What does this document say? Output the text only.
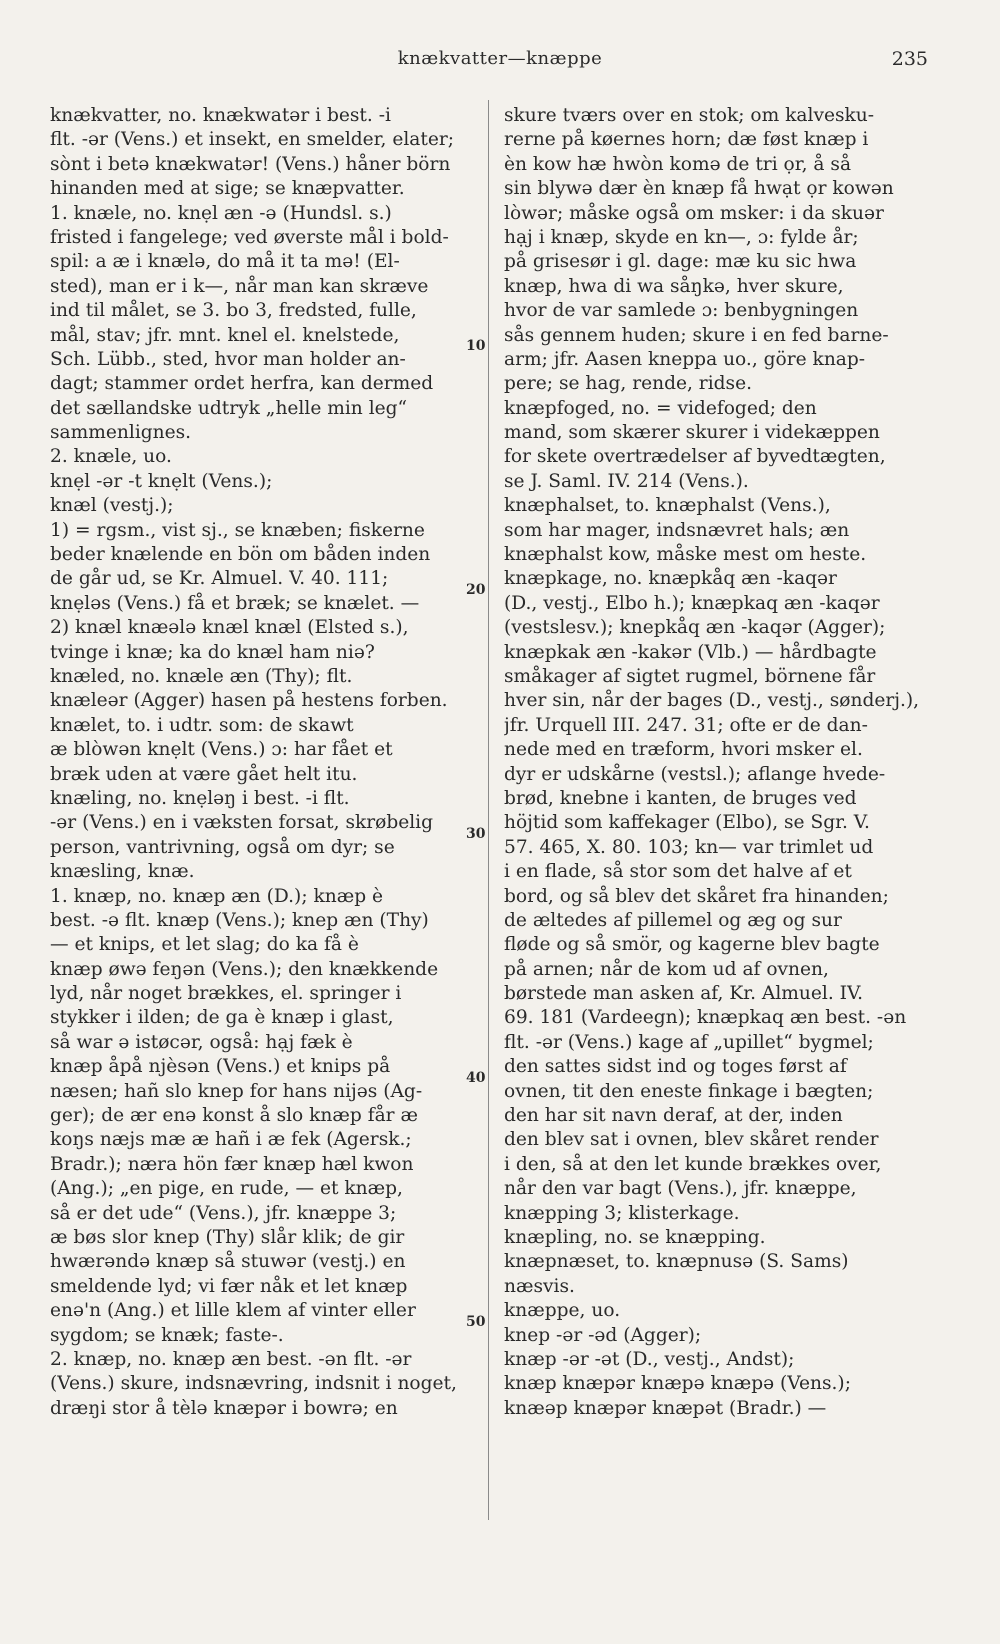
knækvatter—knæppe	235
knækvatter, no. knækwatər i best. -i
flt. -ər (Vens.) et insekt, en smelder, elater;
sònt i betə knækwatər! (Vens.) håner börn
hinanden med at sige; se knæpvatter.
1. knæle, no. knẹl æn -ə (Hundsl. s.)
fristed i fangelege; ved øverste mål i bold-
spil: a æ i knælə, do må it ta mə! (El-
sted), man er i k—, når man kan skræve
ind til målet, se 3. bo 3, fredsted, fulle,
mål, stav; jfr. mnt. knel el. knelstede,
Sch. Lübb., sted, hvor man holder an-
dagt; stammer ordet herfra, kan dermed
det sællandske udtryk „helle min leg“
sammenlignes.
2. knæle, uo.
knẹl -ər -t knẹlt (Vens.);
knæl (vestj.);
1) = rgsm., vist sj., se knæben; fiskerne
beder knælende en bön om båden inden
de går ud, se Kr. Almuel. V. 40. 111;
knẹləs (Vens.) få et bræk; se knælet. —
2) knæl knæələ knæl knæl (Elsted s.),
tvinge i knæ; ka do knæl ham niə?
knæled, no. knæle æn (Thy); flt.
knæleər (Agger) hasen på hestens forben.
knælet, to. i udtr. som: de skawt
æ blòwən knẹlt (Vens.) ɔ: har fået et
bræk uden at være gået helt itu.
knæling, no. knẹləŋ i best. -i flt.
-ər (Vens.) en i væksten forsat, skrøbelig
person, vantrivning, også om dyr; se
knæsling, knæ.
1. knæp, no. knæp æn (D.); knæp è
best. -ə flt. knæp (Vens.); knep æn (Thy)
— et knips, et let slag; do ka få è
knæp øwə feŋən (Vens.); den knækkende
lyd, når noget brækkes, el. springer i
stykker i ilden; de ga è knæp i glast,
så war ə istøcər, også: hạj fæk è
knæp åpå njèsən (Vens.) et knips på
næsen; hañ slo knep for hans nijəs (Ag-
ger); de ær enə konst å slo knæp får æ
koŋs næjs mæ æ hañ i æ fek (Agersk.;
Bradr.); næra hön fær knæp hæl kwon
(Ang.); „en pige, en rude, — et knæp,
så er det ude“ (Vens.), jfr. knæppe 3;
æ bøs slor knep (Thy) slår klik; de gir
hwærəndə knæp så stuwər (vestj.) en
smeldende lyd; vi fær nåk et let knæp
enə'n (Ang.) et lille klem af vinter eller
sygdom; se knæk; faste-.
2. knæp, no. knæp æn best. -ən flt. -ər
(Vens.) skure, indsnævring, indsnit i noget,
dræŋi stor å tèlə knæpər i bowrə; en
skure tværs over en stok; om kalvesku-
rerne på køernes horn; dæ føst knæp i
èn kow hæ hwòn komə de tri ọr, å så
sin blywə dær èn knæp få hwạt ọr kowən
lòwər; måske også om msker: i da skuər
hạj i knæp, skyde en kn—, ɔ: fylde år;
på grisesør i gl. dage: mæ ku sic hwa
knæp, hwa di wa såŋkə, hver skure,
hvor de var samlede ɔ: benbygningen
sås gennem huden; skure i en fed barne-
arm; jfr. Aasen kneppa uo., göre knap-
pere; se hag, rende, ridse.
knæpfoged, no. = videfoged; den
mand, som skærer skurer i videkæppen
for skete overtrædelser af byvedtægten,
se J. Saml. IV. 214 (Vens.).
knæphalset, to. knæphalst (Vens.),
som har mager, indsnævret hals; æn
knæphalst kow, måske mest om heste.
knæpkage, no. knæpkåq æn -kaqər
(D., vestj., Elbo h.); knæpkaq æn -kaqər
(vestslesv.); knepkåq æn -kaqər (Agger);
knæpkak æn -kakər (Vlb.) — hårdbagte
småkager af sigtet rugmel, börnene får
hver sin, når der bages (D., vestj., sønderj.),
jfr. Urquell III. 247. 31; ofte er de dan-
nede med en træform, hvori msker el.
dyr er udskårne (vestsl.); aflange hvede-
brød, knebne i kanten, de bruges ved
höjtid som kaffekager (Elbo), se Sgr. V.
57. 465, X. 80. 103; kn— var trimlet ud
i en flade, så stor som det halve af et
bord, og så blev det skåret fra hinanden;
de æltedes af pillemel og æg og sur
fløde og så smör, og kagerne blev bagte
på arnen; når de kom ud af ovnen,
børstede man asken af, Kr. Almuel. IV.
69. 181 (Vardeegn); knæpkaq æn best. -ən
flt. -ər (Vens.) kage af „upillet“ bygmel;
den sattes sidst ind og toges først af
ovnen, tit den eneste finkage i bægten;
den har sit navn deraf, at der, inden
den blev sat i ovnen, blev skåret render
i den, så at den let kunde brækkes over,
når den var bagt (Vens.), jfr. knæppe,
knæpping 3; klisterkage.
knæpling, no. se knæpping.
knæpnæset, to. knæpnusə (S. Sams)
næsvis.
knæppe, uo.
knep -ər -əd (Agger);
knæp -ər -ət (D., vestj., Andst);
knæp knæpər knæpə knæpə (Vens.);
knæəp knæpər knæpət (Bradr.) —
10
20
30
40
50
